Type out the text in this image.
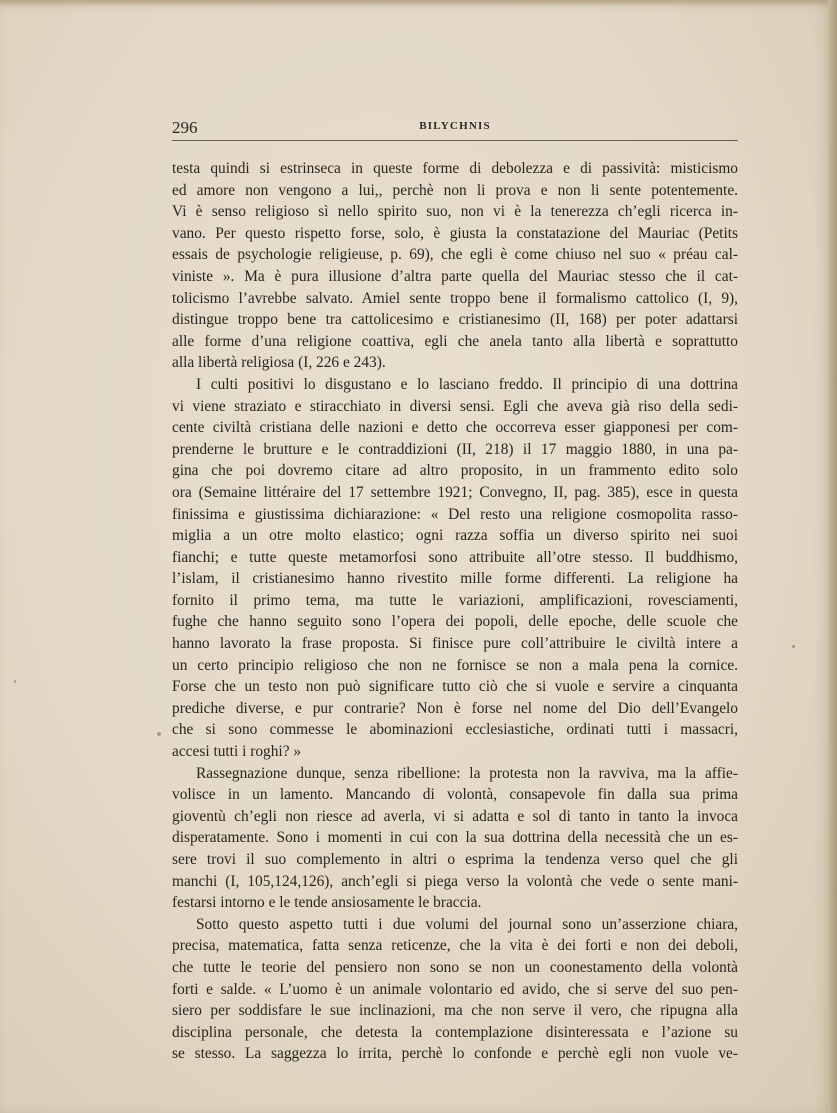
296	BILYCHNIS
testa quindi si estrinseca in queste forme di debolezza e di passività: misticismo
ed amore non vengono a lui,, perchè non li prova e non li sente potentemente.
Vi è senso religioso sì nello spirito suo, non vi è la tenerezza ch’egli ricerca in-
vano. Per questo rispetto forse, solo, è giusta la constatazione del Mauriac (Petits
essais de psychologie religieuse, p. 69), che egli è come chiuso nel suo « préau cal-
viniste ». Ma è pura illusione d’altra parte quella del Mauriac stesso che il cat-
tolicismo l’avrebbe salvato. Amiel sente troppo bene il formalismo cattolico (I, 9),
distingue troppo bene tra cattolicesimo e cristianesimo (II, 168) per poter adattarsi
alle forme d’una religione coattiva, egli che anela tanto alla libertà e soprattutto
alla libertà religiosa (I, 226 e 243).
I culti positivi lo disgustano e lo lasciano freddo. Il principio di una dottrina
vi viene straziato e stiracchiato in diversi sensi. Egli che aveva già riso della sedi-
cente civiltà cristiana delle nazioni e detto che occorreva esser giapponesi per com-
prenderne le brutture e le contraddizioni (II, 218) il 17 maggio 1880, in una pa-
gina che poi dovremo citare ad altro proposito, in un frammento edito solo
ora (Semaine littéraire del 17 settembre 1921; Convegno, II, pag. 385), esce in questa
finissima e giustissima dichiarazione: « Del resto una religione cosmopolita rasso-
miglia a un otre molto elastico; ogni razza soffia un diverso spirito nei suoi
fianchi; e tutte queste metamorfosi sono attribuite all’otre stesso. Il buddhismo,
l’islam, il cristianesimo hanno rivestito mille forme differenti. La religione ha
fornito il primo tema, ma tutte le variazioni, amplificazioni, rovesciamenti,
fughe che hanno seguito sono l’opera dei popoli, delle epoche, delle scuole che
hanno lavorato la frase proposta. Si finisce pure coll’attribuire le civiltà intere a
un certo principio religioso che non ne fornisce se non a mala pena la cornice.
Forse che un testo non può significare tutto ciò che si vuole e servire a cinquanta
prediche diverse, e pur contrarie? Non è forse nel nome del Dio dell’Evangelo
che si sono commesse le abominazioni ecclesiastiche, ordinati tutti i massacri,
accesi tutti i roghi? »
Rassegnazione dunque, senza ribellione: la protesta non la ravviva, ma la affie-
volisce in un lamento. Mancando di volontà, consapevole fin dalla sua prima
gioventù ch’egli non riesce ad averla, vi si adatta e sol di tanto in tanto la invoca
disperatamente. Sono i momenti in cui con la sua dottrina della necessità che un es-
sere trovi il suo complemento in altri o esprima la tendenza verso quel che gli
manchi (I, 105,124,126), anch’egli si piega verso la volontà che vede o sente mani-
festarsi intorno e le tende ansiosamente le braccia.
Sotto questo aspetto tutti i due volumi del journal sono un’asserzione chiara,
precisa, matematica, fatta senza reticenze, che la vita è dei forti e non dei deboli,
che tutte le teorie del pensiero non sono se non un coonestamento della volontà
forti e salde. « L’uomo è un animale volontario ed avido, che si serve del suo pen-
siero per soddisfare le sue inclinazioni, ma che non serve il vero, che ripugna alla
disciplina personale, che detesta la contemplazione disinteressata e l’azione su
se stesso. La saggezza lo irrita, perchè lo confonde e perchè egli non vuole ve-
